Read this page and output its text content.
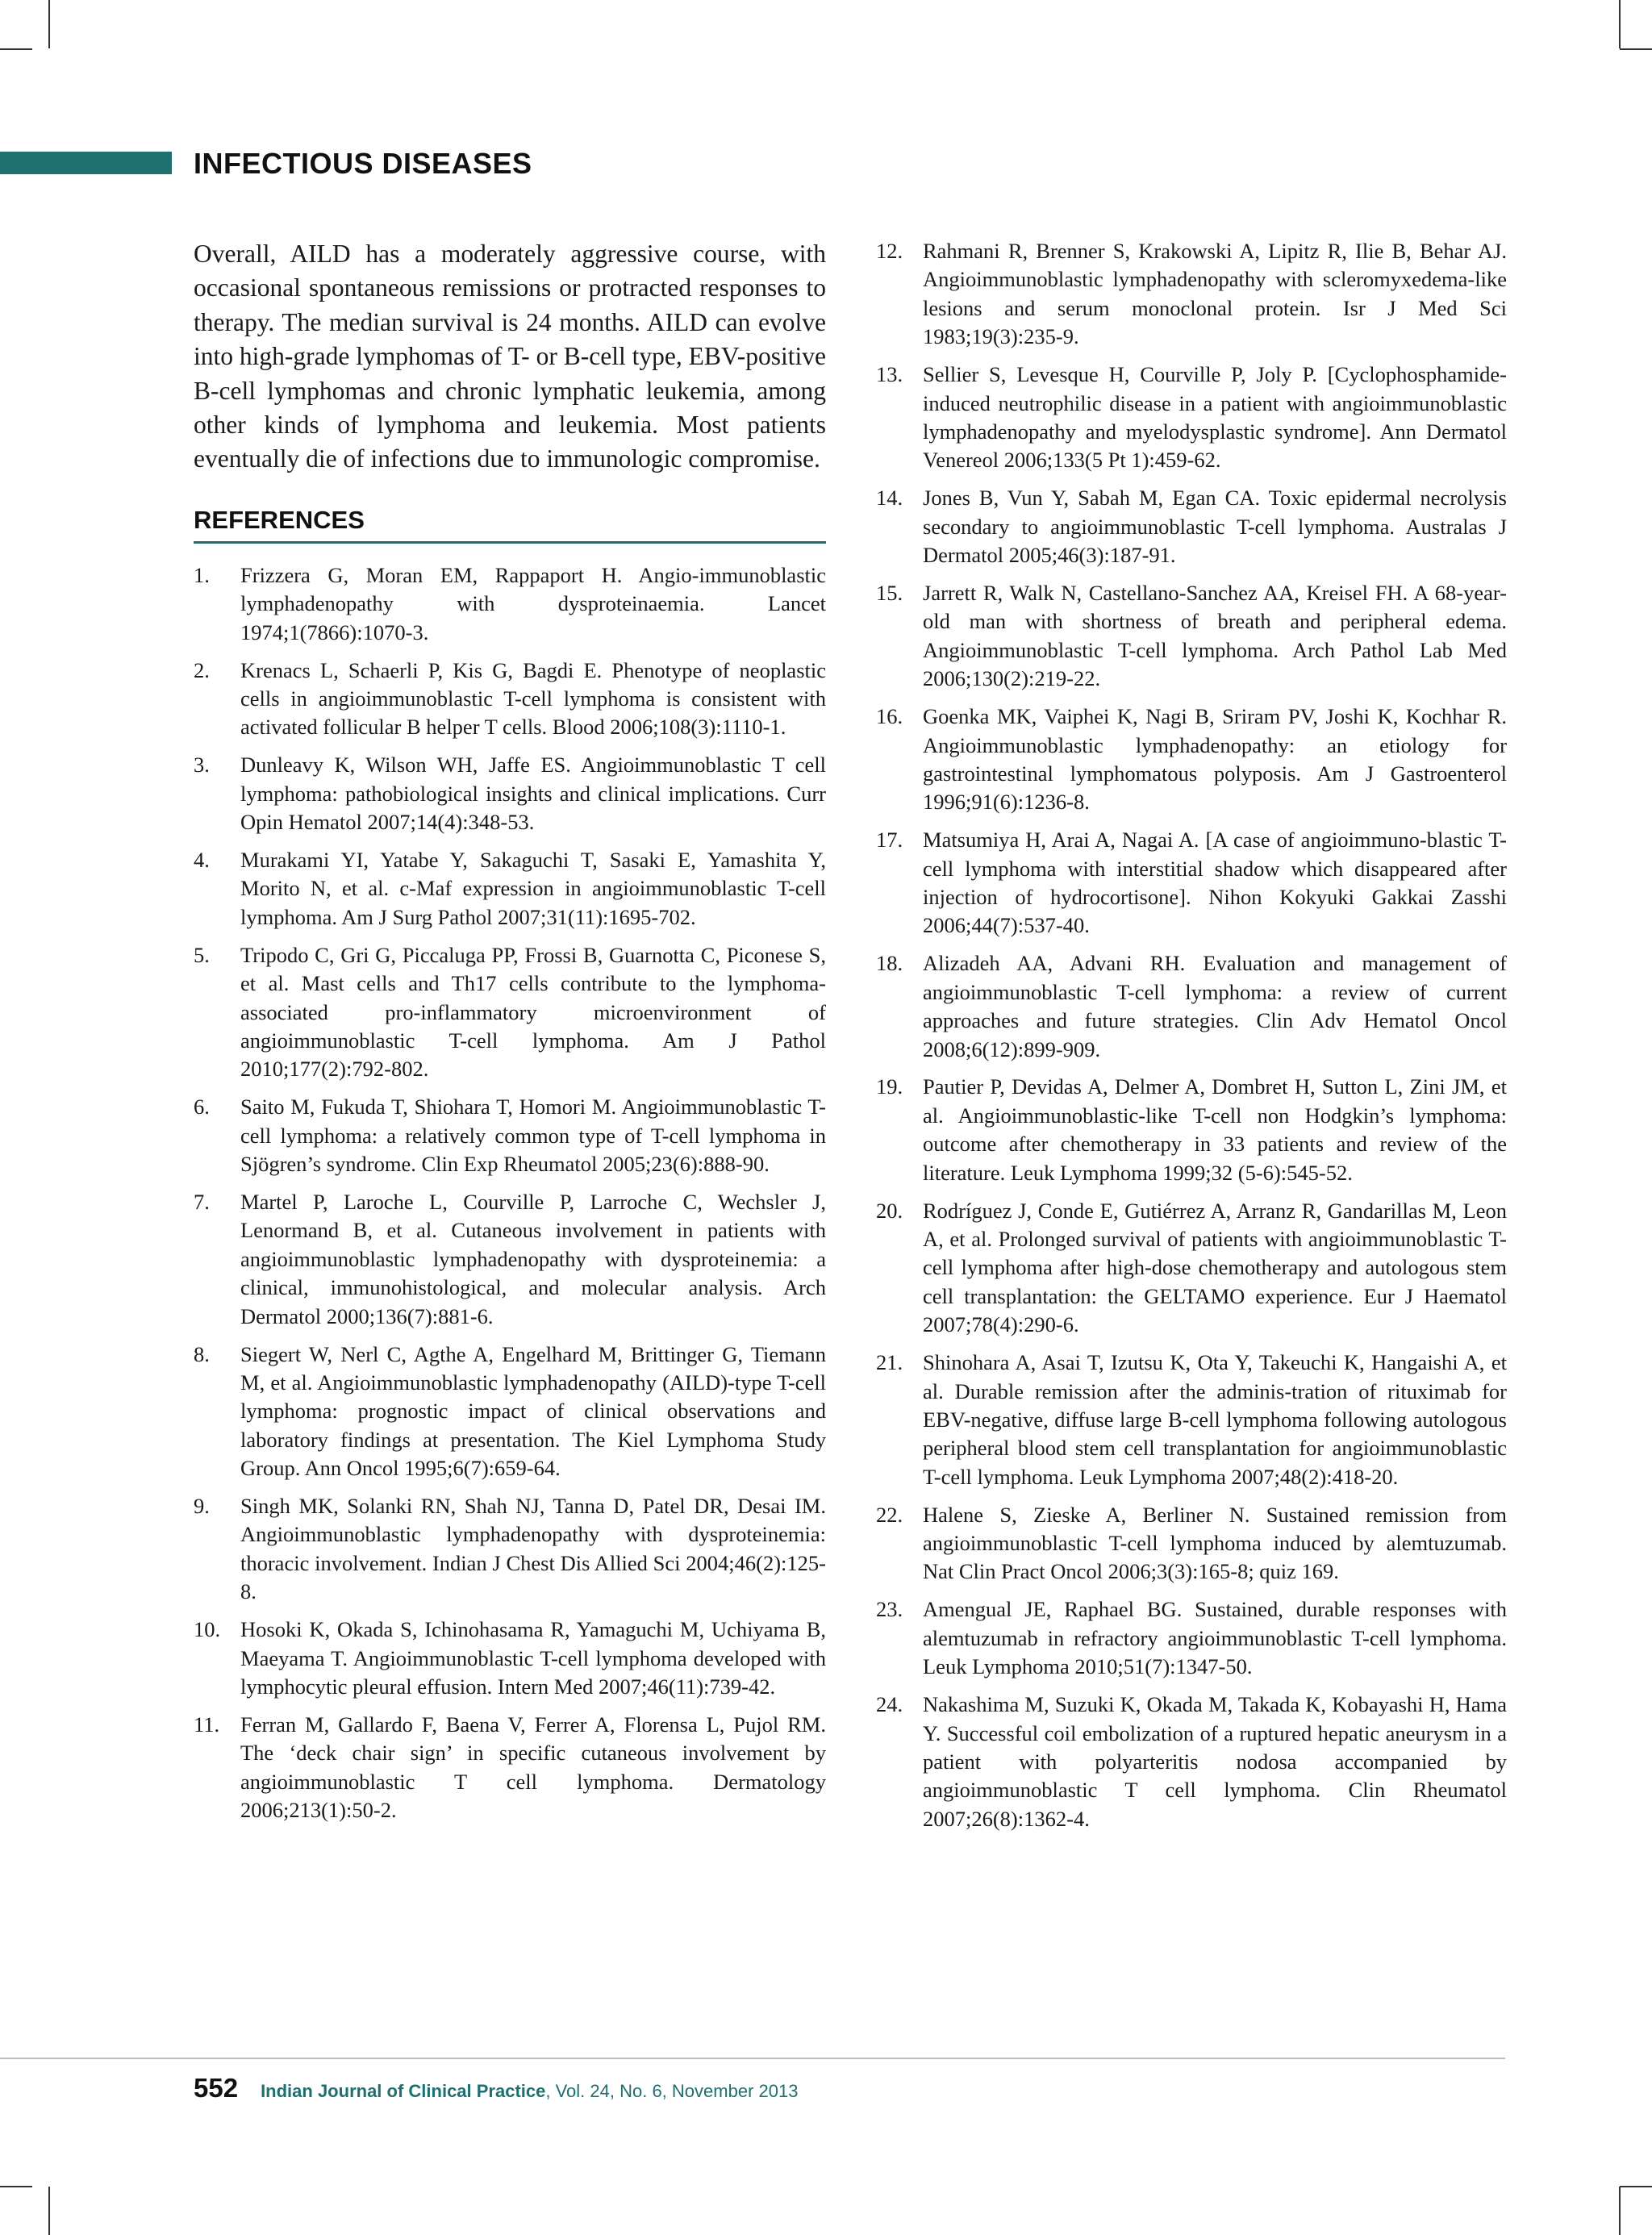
INFECTIOUS DISEASES

Overall, AILD has a moderately aggressive course, with occasional spontaneous remissions or protracted responses to therapy. The median survival is 24 months. AILD can evolve into high-grade lymphomas of T- or B-cell type, EBV-positive B-cell lymphomas and chronic lymphatic leukemia, among other kinds of lymphoma and leukemia. Most patients eventually die of infections due to immunologic compromise.

REFERENCES
1. Frizzera G, Moran EM, Rappaport H. Angio-immunoblastic lymphadenopathy with dysproteinaemia. Lancet 1974;1(7866):1070-3.
2. Krenacs L, Schaerli P, Kis G, Bagdi E. Phenotype of neoplastic cells in angioimmunoblastic T-cell lymphoma is consistent with activated follicular B helper T cells. Blood 2006;108(3):1110-1.
3. Dunleavy K, Wilson WH, Jaffe ES. Angioimmunoblastic T cell lymphoma: pathobiological insights and clinical implications. Curr Opin Hematol 2007;14(4):348-53.
4. Murakami YI, Yatabe Y, Sakaguchi T, Sasaki E, Yamashita Y, Morito N, et al. c-Maf expression in angioimmunoblastic T-cell lymphoma. Am J Surg Pathol 2007;31(11):1695-702.
5. Tripodo C, Gri G, Piccaluga PP, Frossi B, Guarnotta C, Piconese S, et al. Mast cells and Th17 cells contribute to the lymphoma-associated pro-inflammatory microenvironment of angioimmunoblastic T-cell lymphoma. Am J Pathol 2010;177(2):792-802.
6. Saito M, Fukuda T, Shiohara T, Homori M. Angioimmunoblastic T-cell lymphoma: a relatively common type of T-cell lymphoma in Sjögren’s syndrome. Clin Exp Rheumatol 2005;23(6):888-90.
7. Martel P, Laroche L, Courville P, Larroche C, Wechsler J, Lenormand B, et al. Cutaneous involvement in patients with angioimmunoblastic lymphadenopathy with dysproteinemia: a clinical, immunohistological, and molecular analysis. Arch Dermatol 2000;136(7):881-6.
8. Siegert W, Nerl C, Agthe A, Engelhard M, Brittinger G, Tiemann M, et al. Angioimmunoblastic lymphadenopathy (AILD)-type T-cell lymphoma: prognostic impact of clinical observations and laboratory findings at presentation. The Kiel Lymphoma Study Group. Ann Oncol 1995;6(7):659-64.
9. Singh MK, Solanki RN, Shah NJ, Tanna D, Patel DR, Desai IM. Angioimmunoblastic lymphadenopathy with dysproteinemia: thoracic involvement. Indian J Chest Dis Allied Sci 2004;46(2):125-8.
10. Hosoki K, Okada S, Ichinohasama R, Yamaguchi M, Uchiyama B, Maeyama T. Angioimmunoblastic T-cell lymphoma developed with lymphocytic pleural effusion. Intern Med 2007;46(11):739-42.
11. Ferran M, Gallardo F, Baena V, Ferrer A, Florensa L, Pujol RM. The ‘deck chair sign’ in specific cutaneous involvement by angioimmunoblastic T cell lymphoma. Dermatology 2006;213(1):50-2.
12. Rahmani R, Brenner S, Krakowski A, Lipitz R, Ilie B, Behar AJ. Angioimmunoblastic lymphadenopathy with scleromyxedema-like lesions and serum monoclonal protein. Isr J Med Sci 1983;19(3):235-9.
13. Sellier S, Levesque H, Courville P, Joly P. [Cyclophosphamide-induced neutrophilic disease in a patient with angioimmunoblastic lymphadenopathy and myelodysplastic syndrome]. Ann Dermatol Venereol 2006;133(5 Pt 1):459-62.
14. Jones B, Vun Y, Sabah M, Egan CA. Toxic epidermal necrolysis secondary to angioimmunoblastic T-cell lymphoma. Australas J Dermatol 2005;46(3):187-91.
15. Jarrett R, Walk N, Castellano-Sanchez AA, Kreisel FH. A 68-year-old man with shortness of breath and peripheral edema. Angioimmunoblastic T-cell lymphoma. Arch Pathol Lab Med 2006;130(2):219-22.
16. Goenka MK, Vaiphei K, Nagi B, Sriram PV, Joshi K, Kochhar R. Angioimmunoblastic lymphadenopathy: an etiology for gastrointestinal lymphomatous polyposis. Am J Gastroenterol 1996;91(6):1236-8.
17. Matsumiya H, Arai A, Nagai A. [A case of angioimmuno-blastic T-cell lymphoma with interstitial shadow which disappeared after injection of hydrocortisone]. Nihon Kokyuki Gakkai Zasshi 2006;44(7):537-40.
18. Alizadeh AA, Advani RH. Evaluation and management of angioimmunoblastic T-cell lymphoma: a review of current approaches and future strategies. Clin Adv Hematol Oncol 2008;6(12):899-909.
19. Pautier P, Devidas A, Delmer A, Dombret H, Sutton L, Zini JM, et al. Angioimmunoblastic-like T-cell non Hodgkin’s lymphoma: outcome after chemotherapy in 33 patients and review of the literature. Leuk Lymphoma 1999;32 (5-6):545-52.
20. Rodríguez J, Conde E, Gutiérrez A, Arranz R, Gandarillas M, Leon A, et al. Prolonged survival of patients with angioimmunoblastic T-cell lymphoma after high-dose chemotherapy and autologous stem cell transplantation: the GELTAMO experience. Eur J Haematol 2007;78(4):290-6.
21. Shinohara A, Asai T, Izutsu K, Ota Y, Takeuchi K, Hangaishi A, et al. Durable remission after the adminis-tration of rituximab for EBV-negative, diffuse large B-cell lymphoma following autologous peripheral blood stem cell transplantation for angioimmunoblastic T-cell lymphoma. Leuk Lymphoma 2007;48(2):418-20.
22. Halene S, Zieske A, Berliner N. Sustained remission from angioimmunoblastic T-cell lymphoma induced by alemtuzumab. Nat Clin Pract Oncol 2006;3(3):165-8; quiz 169.
23. Amengual JE, Raphael BG. Sustained, durable responses with alemtuzumab in refractory angioimmunoblastic T-cell lymphoma. Leuk Lymphoma 2010;51(7):1347-50.
24. Nakashima M, Suzuki K, Okada M, Takada K, Kobayashi H, Hama Y. Successful coil embolization of a ruptured hepatic aneurysm in a patient with polyarteritis nodosa accompanied by angioimmunoblastic T cell lymphoma. Clin Rheumatol 2007;26(8):1362-4.
552 Indian Journal of Clinical Practice, Vol. 24, No. 6, November 2013
